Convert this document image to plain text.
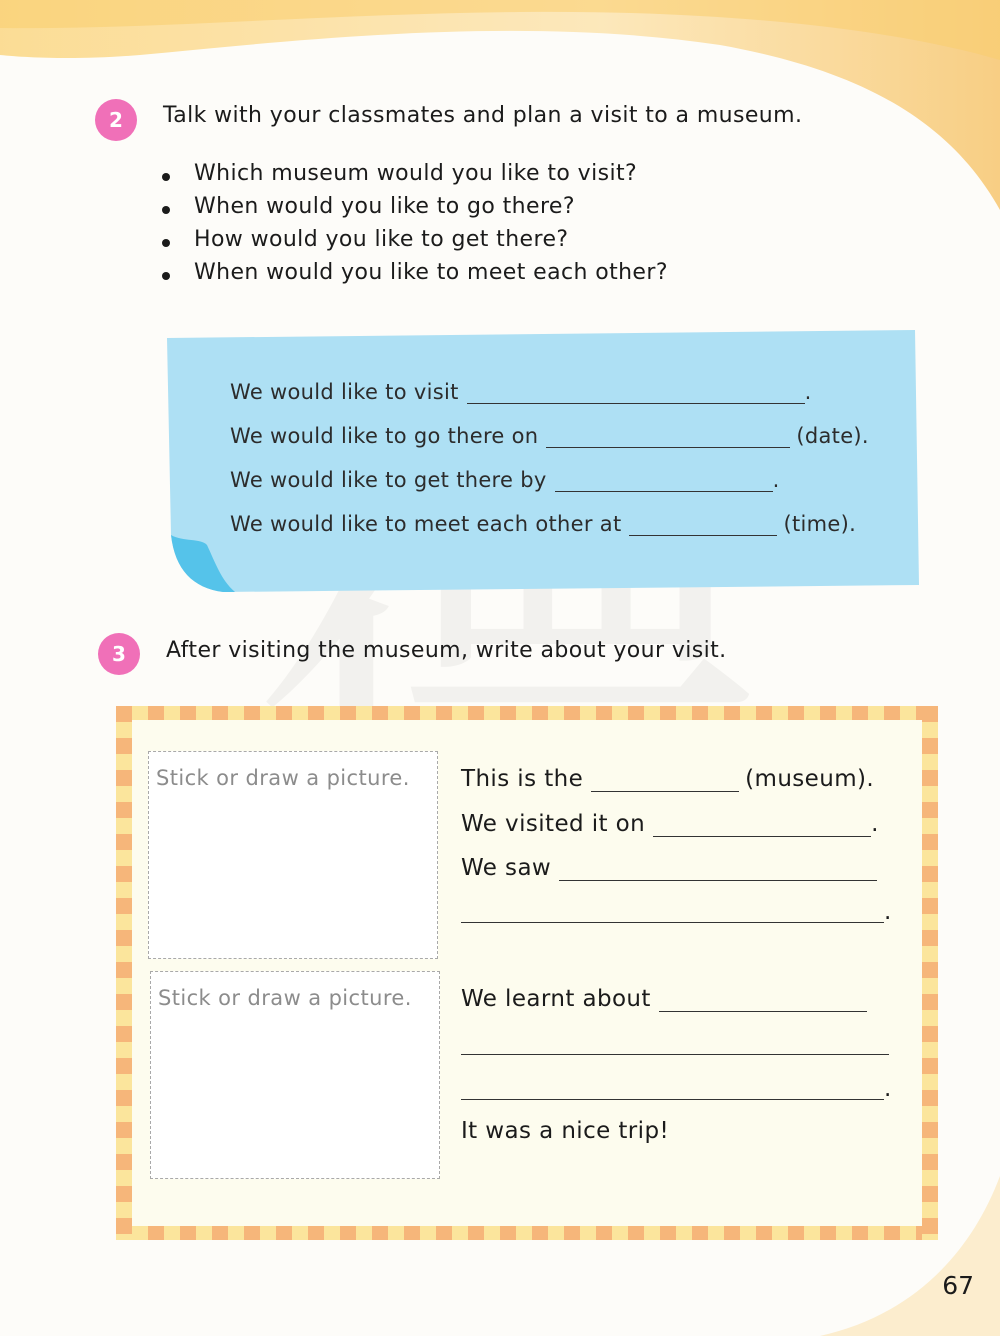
2	Talk with your classmates and plan a visit to a museum.
Which museum would you like to visit?
When would you like to go there?
How would you like to get there?
When would you like to meet each other?
We would like to visit	.
We would like to go there on	(date).
We would like to get there by	.
We would like to meet each other at	(time).
3	After visiting the museum, write about your visit.
Stick or draw a picture.
Stick or draw a picture.
This is the	(museum).
We visited it on	.
We saw
.
We learnt about
.
It was a nice trip!
67
